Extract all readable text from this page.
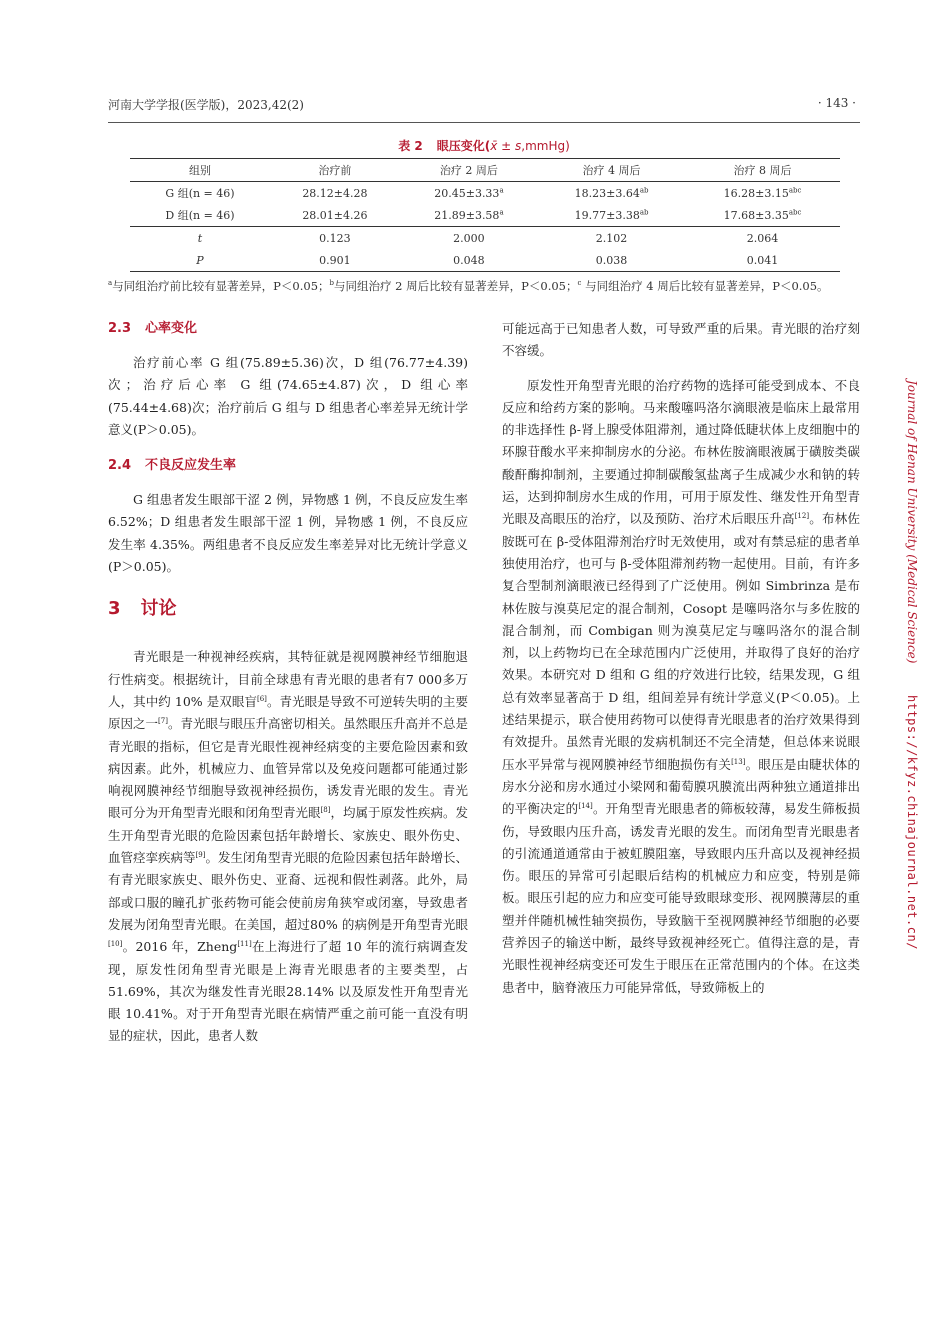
河南大学学报(医学版)，2023,42(2)	· 143 ·
表 2 眼压变化(x̄ ± s,mmHg)
组别	治疗前	治疗 2 周后	治疗 4 周后	治疗 8 周后
G 组(n = 46)	28.12±4.28	20.45±3.33$^a$	18.23±3.64$^{ab}$	16.28±3.15$^{abc}$
D 组(n = 46)	28.01±4.26	21.89±3.58$^a$	19.77±3.38$^{ab}$	17.68±3.35$^{abc}$
t	0.123	2.000	2.102	2.064
P	0.901	0.048	0.038	0.041
$^a$与同组治疗前比较有显著差异，P＜0.05；$^b$与同组治疗 2 周后比较有显著差异，P＜0.05；$^c$ 与同组治疗 4 周后比较有显著差异，P＜0.05。
2.3 心率变化

治疗前心率 G 组(75.89±5.36)次，D 组(76.77±4.39)次；治疗后心率 G 组(74.65±4.87)次，D 组心率(75.44±4.68)次；治疗前后 G 组与 D 组患者心率差异无统计学意义(P＞0.05)。

2.4 不良反应发生率

G 组患者发生眼部干涩 2 例，异物感 1 例，不良反应发生率 6.52%；D 组患者发生眼部干涩 1 例，异物感 1 例，不良反应发生率 4.35%。两组患者不良反应发生率差异对比无统计学意义(P＞0.05)。

3 讨论

青光眼是一种视神经疾病，其特征就是视网膜神经节细胞退行性病变。根据统计，目前全球患有青光眼的患者有7 000多万人，其中约 10% 是双眼盲[6]。青光眼是导致不可逆转失明的主要原因之一[7]。青光眼与眼压升高密切相关。虽然眼压升高并不总是青光眼的指标，但它是青光眼性视神经病变的主要危险因素和致病因素。此外，机械应力、血管异常以及免疫问题都可能通过影响视网膜神经节细胞导致视神经损伤，诱发青光眼的发生。青光眼可分为开角型青光眼和闭角型青光眼[8]，均属于原发性疾病。发生开角型青光眼的危险因素包括年龄增长、家族史、眼外伤史、血管痉挛疾病等[9]。发生闭角型青光眼的危险因素包括年龄增长、有青光眼家族史、眼外伤史、亚裔、远视和假性剥落。此外，局部或口服的瞳孔扩张药物可能会使前房角狭窄或闭塞，导致患者发展为闭角型青光眼。在美国，超过80% 的病例是开角型青光眼[10]。2016 年，Zheng[11]在上海进行了超 10 年的流行病调查发现，原发性闭角型青光眼是上海青光眼患者的主要类型，占51.69%，其次为继发性青光眼28.14% 以及原发性开角型青光眼 10.41%。对于开角型青光眼在病情严重之前可能一直没有明显的症状，因此，患者人数

可能远高于已知患者人数，可导致严重的后果。青光眼的治疗刻不容缓。

原发性开角型青光眼的治疗药物的选择可能受到成本、不良反应和给药方案的影响。马来酸噻吗洛尔滴眼液是临床上最常用的非选择性 β-肾上腺受体阻滞剂，通过降低睫状体上皮细胞中的环腺苷酸水平来抑制房水的分泌。布林佐胺滴眼液属于磺胺类碳酸酐酶抑制剂，主要通过抑制碳酸氢盐离子生成减少水和钠的转运，达到抑制房水生成的作用，可用于原发性、继发性开角型青光眼及高眼压的治疗，以及预防、治疗术后眼压升高[12]。布林佐胺既可在 β-受体阻滞剂治疗时无效使用，或对有禁忌症的患者单独使用治疗，也可与 β-受体阻滞剂药物一起使用。目前，有许多复合型制剂滴眼液已经得到了广泛使用。例如 Simbrinza 是布林佐胺与溴莫尼定的混合制剂，Cosopt 是噻吗洛尔与多佐胺的混合制剂，而 Combigan 则为溴莫尼定与噻吗洛尔的混合制剂，以上药物均已在全球范围内广泛使用，并取得了良好的治疗效果。本研究对 D 组和 G 组的疗效进行比较，结果发现，G 组总有效率显著高于 D 组，组间差异有统计学意义(P＜0.05)。上述结果提示，联合使用药物可以使得青光眼患者的治疗效果得到有效提升。虽然青光眼的发病机制还不完全清楚，但总体来说眼压水平异常与视网膜神经节细胞损伤有关[13]。眼压是由睫状体的房水分泌和房水通过小梁网和葡萄膜巩膜流出两种独立通道排出的平衡决定的[14]。开角型青光眼患者的筛板较薄，易发生筛板损伤，导致眼内压升高，诱发青光眼的发生。而闭角型青光眼患者的引流通道通常由于被虹膜阻塞，导致眼内压升高以及视神经损伤。眼压的异常可引起眼后结构的机械应力和应变，特别是筛板。眼压引起的应力和应变可能导致眼球变形、视网膜薄层的重塑并伴随机械性轴突损伤，导致脑干至视网膜神经节细胞的必要营养因子的输送中断，最终导致视神经死亡。值得注意的是，青光眼性视神经病变还可发生于眼压在正常范围内的个体。在这类患者中，脑脊液压力可能异常低，导致筛板上的

Journal of Henan University (Medical Science)
https://kfyz.chinajournal.net.cn/
